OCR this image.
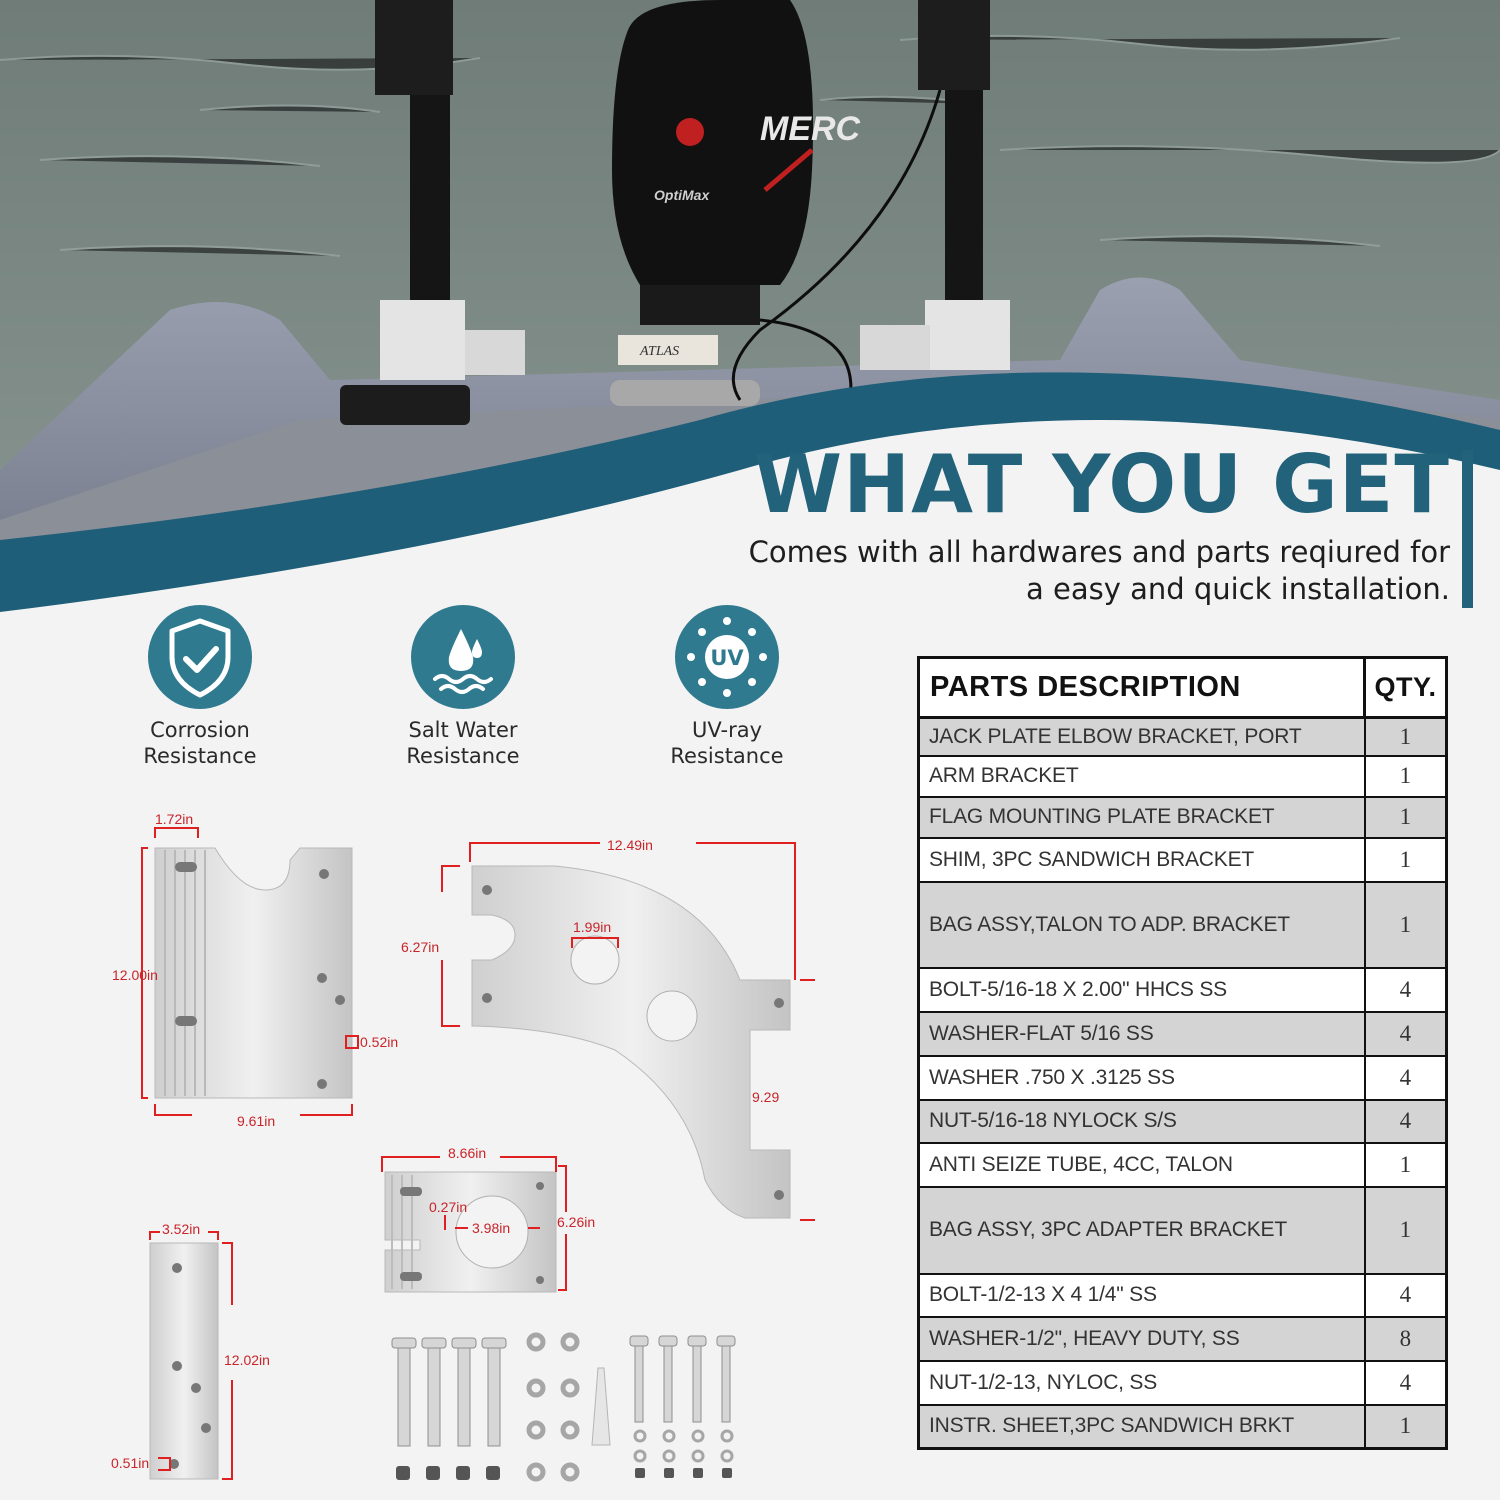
ATLAS
OptiMax
MERC
WHAT YOU GET
Comes with all hardwares and parts reqiured for
a easy and quick installation.
Corrosion
Resistance
Salt Water
Resistance
UV
UV-ray
Resistance
1.72in
12.00in
0.52in
9.61in
12.49in
1.99in
6.27in
9.29
8.66in
0.27in
3.98in	6.26in
3.52in
12.02in
0.51in
PARTS DESCRIPTION	QTY.
JACK PLATE ELBOW BRACKET, PORT	1
ARM BRACKET	1
FLAG MOUNTING PLATE BRACKET	1
SHIM, 3PC SANDWICH BRACKET	1
BAG ASSY,TALON TO ADP. BRACKET	1
BOLT-5/16-18 X 2.00" HHCS SS	4
WASHER-FLAT 5/16 SS	4
WASHER .750 X .3125 SS	4
NUT-5/16-18 NYLOCK S/S	4
ANTI SEIZE TUBE, 4CC, TALON	1
BAG ASSY, 3PC ADAPTER BRACKET	1
BOLT-1/2-13 X 4 1/4" SS	4
WASHER-1/2", HEAVY DUTY, SS	8
NUT-1/2-13, NYLOC, SS	4
INSTR. SHEET,3PC SANDWICH BRKT	1
